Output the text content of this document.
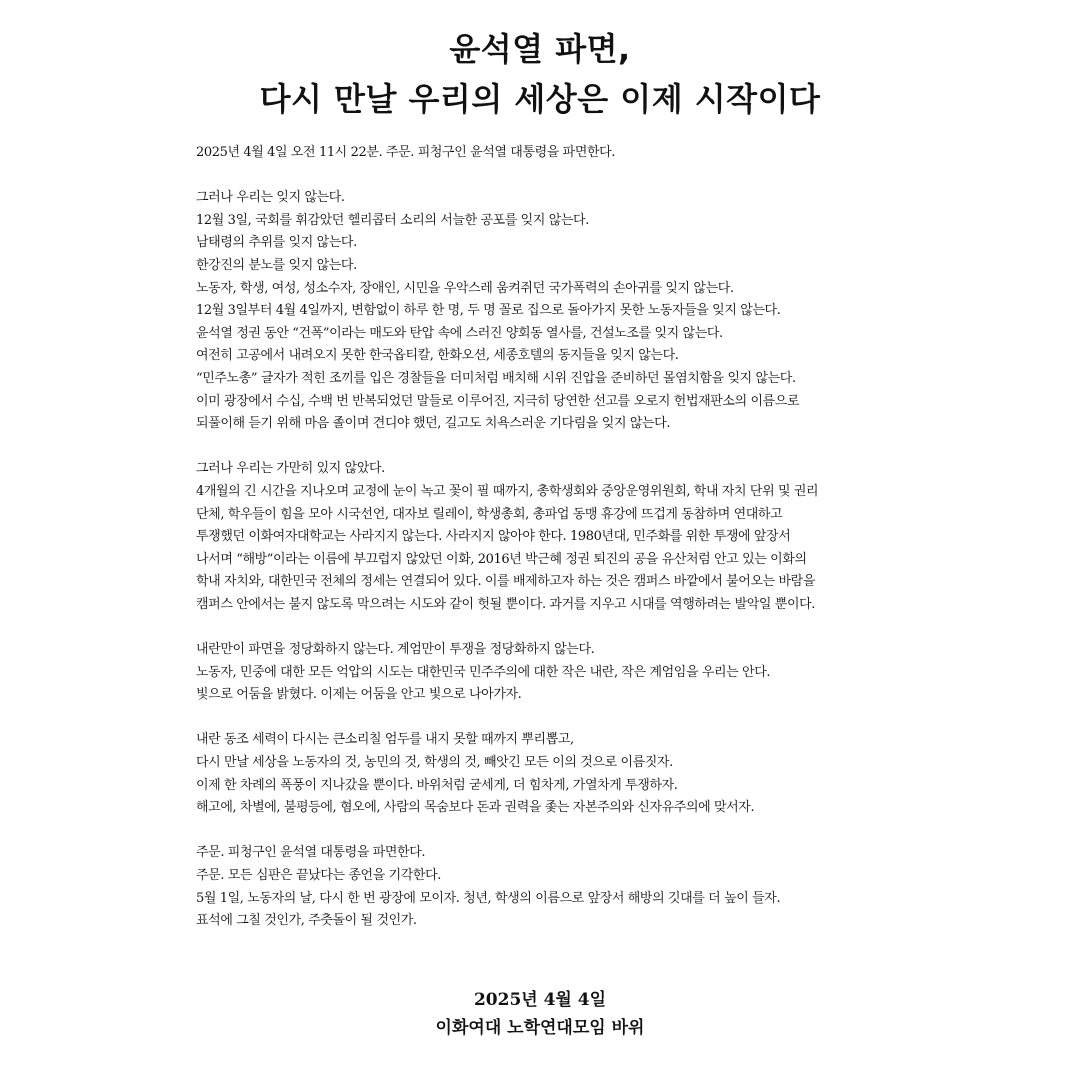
윤석열 파면,
다시 만날 우리의 세상은 이제 시작이다
2025년 4월 4일 오전 11시 22분. 주문. 피청구인 윤석열 대통령을 파면한다.
그러나 우리는 잊지 않는다.
12월 3일, 국회를 휘감았던 헬리콥터 소리의 서늘한 공포를 잊지 않는다.
남태령의 추위를 잊지 않는다.
한강진의 분노를 잊지 않는다.
노동자, 학생, 여성, 성소수자, 장애인, 시민을 우악스레 움켜쥐던 국가폭력의 손아귀를 잊지 않는다.
12월 3일부터 4월 4일까지, 변함없이 하루 한 명, 두 명 꼴로 집으로 돌아가지 못한 노동자들을 잊지 않는다.
윤석열 정권 동안 “건폭”이라는 매도와 탄압 속에 스러진 양회동 열사를, 건설노조를 잊지 않는다.
여전히 고공에서 내려오지 못한 한국옵티칼, 한화오션, 세종호텔의 동지들을 잊지 않는다.
“민주노총” 글자가 적힌 조끼를 입은 경찰들을 더미처럼 배치해 시위 진압을 준비하던 몰염치함을 잊지 않는다.
이미 광장에서 수십, 수백 번 반복되었던 말들로 이루어진, 지극히 당연한 선고를 오로지 헌법재판소의 이름으로
되풀이해 듣기 위해 마음 졸이며 견디야 했던, 길고도 치욕스러운 기다림을 잊지 않는다.
그러나 우리는 가만히 있지 않았다.
4개월의 긴 시간을 지나오며 교정에 눈이 녹고 꽃이 필 때까지, 총학생회와 중앙운영위원회, 학내 자치 단위 및 권리
단체, 학우들이 힘을 모아 시국선언, 대자보 릴레이, 학생총회, 총파업 동맹 휴강에 뜨겁게 동참하며 연대하고
투쟁했던 이화여자대학교는 사라지지 않는다. 사라지지 않아야 한다. 1980년대, 민주화를 위한 투쟁에 앞장서
나서며 “해방”이라는 이름에 부끄럽지 않았던 이화, 2016년 박근혜 정권 퇴진의 공을 유산처럼 안고 있는 이화의
학내 자치와, 대한민국 전체의 정세는 연결되어 있다. 이를 배제하고자 하는 것은 캠퍼스 바깥에서 불어오는 바람을
캠퍼스 안에서는 불지 않도록 막으려는 시도와 같이 헛될 뿐이다. 과거를 지우고 시대를 역행하려는 발악일 뿐이다.
내란만이 파면을 정당화하지 않는다. 계엄만이 투쟁을 정당화하지 않는다.
노동자, 민중에 대한 모든 억압의 시도는 대한민국 민주주의에 대한 작은 내란, 작은 계엄임을 우리는 안다.
빛으로 어둠을 밝혔다. 이제는 어둠을 안고 빛으로 나아가자.
내란 동조 세력이 다시는 큰소리칠 엄두를 내지 못할 때까지 뿌리뽑고,
다시 만날 세상을 노동자의 것, 농민의 것, 학생의 것, 빼앗긴 모든 이의 것으로 이름짓자.
이제 한 차례의 폭풍이 지나갔을 뿐이다. 바위처럼 굳세게, 더 힘차게, 가열차게 투쟁하자.
해고에, 차별에, 불평등에, 혐오에, 사람의 목숨보다 돈과 권력을 좇는 자본주의와 신자유주의에 맞서자.
주문. 피청구인 윤석열 대통령을 파면한다.
주문. 모든 심판은 끝났다는 종언을 기각한다.
5월 1일, 노동자의 날, 다시 한 번 광장에 모이자. 청년, 학생의 이름으로 앞장서 해방의 깃대를 더 높이 들자.
표석에 그칠 것인가, 주춧돌이 될 것인가.
2025년 4월 4일
이화여대 노학연대모임 바위
